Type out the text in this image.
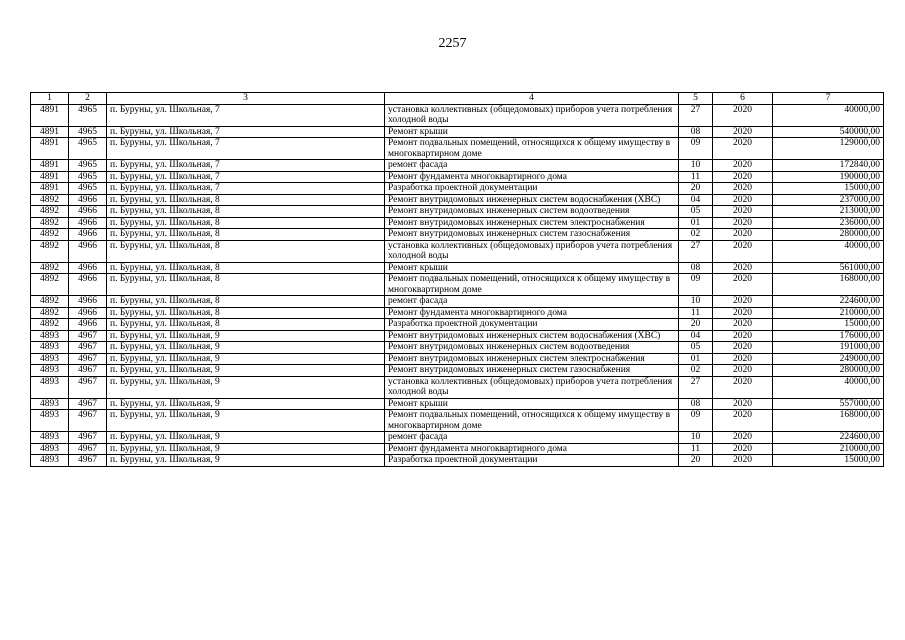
2257
1	2	3	4	5	6	7
4891	4965	п. Буруны, ул. Школьная, 7	установка коллективных (общедомовых) приборов учета потребления холодной воды	27	2020	40000,00
4891	4965	п. Буруны, ул. Школьная, 7	Ремонт крыши	08	2020	540000,00
4891	4965	п. Буруны, ул. Школьная, 7	Ремонт подвальных помещений, относящихся к общему имуществу в многоквартирном доме	09	2020	129000,00
4891	4965	п. Буруны, ул. Школьная, 7	ремонт фасада	10	2020	172840,00
4891	4965	п. Буруны, ул. Школьная, 7	Ремонт фундамента многоквартирного дома	11	2020	190000,00
4891	4965	п. Буруны, ул. Школьная, 7	Разработка проектной документации	20	2020	15000,00
4892	4966	п. Буруны, ул. Школьная, 8	Ремонт внутридомовых инженерных систем водоснабжения (ХВС)	04	2020	237000,00
4892	4966	п. Буруны, ул. Школьная, 8	Ремонт внутридомовых инженерных систем водоотведения	05	2020	213000,00
4892	4966	п. Буруны, ул. Школьная, 8	Ремонт внутридомовых инженерных систем электроснабжения	01	2020	236000,00
4892	4966	п. Буруны, ул. Школьная, 8	Ремонт внутридомовых инженерных систем газоснабжения	02	2020	280000,00
4892	4966	п. Буруны, ул. Школьная, 8	установка коллективных (общедомовых) приборов учета потребления холодной воды	27	2020	40000,00
4892	4966	п. Буруны, ул. Школьная, 8	Ремонт крыши	08	2020	561000,00
4892	4966	п. Буруны, ул. Школьная, 8	Ремонт подвальных помещений, относящихся к общему имуществу в многоквартирном доме	09	2020	168000,00
4892	4966	п. Буруны, ул. Школьная, 8	ремонт фасада	10	2020	224600,00
4892	4966	п. Буруны, ул. Школьная, 8	Ремонт фундамента многоквартирного дома	11	2020	210000,00
4892	4966	п. Буруны, ул. Школьная, 8	Разработка проектной документации	20	2020	15000,00
4893	4967	п. Буруны, ул. Школьная, 9	Ремонт внутридомовых инженерных систем водоснабжения (ХВС)	04	2020	176000,00
4893	4967	п. Буруны, ул. Школьная, 9	Ремонт внутридомовых инженерных систем водоотведения	05	2020	191000,00
4893	4967	п. Буруны, ул. Школьная, 9	Ремонт внутридомовых инженерных систем электроснабжения	01	2020	249000,00
4893	4967	п. Буруны, ул. Школьная, 9	Ремонт внутридомовых инженерных систем газоснабжения	02	2020	280000,00
4893	4967	п. Буруны, ул. Школьная, 9	установка коллективных (общедомовых) приборов учета потребления холодной воды	27	2020	40000,00
4893	4967	п. Буруны, ул. Школьная, 9	Ремонт крыши	08	2020	557000,00
4893	4967	п. Буруны, ул. Школьная, 9	Ремонт подвальных помещений, относящихся к общему имуществу в многоквартирном доме	09	2020	168000,00
4893	4967	п. Буруны, ул. Школьная, 9	ремонт фасада	10	2020	224600,00
4893	4967	п. Буруны, ул. Школьная, 9	Ремонт фундамента многоквартирного дома	11	2020	210000,00
4893	4967	п. Буруны, ул. Школьная, 9	Разработка проектной документации	20	2020	15000,00
